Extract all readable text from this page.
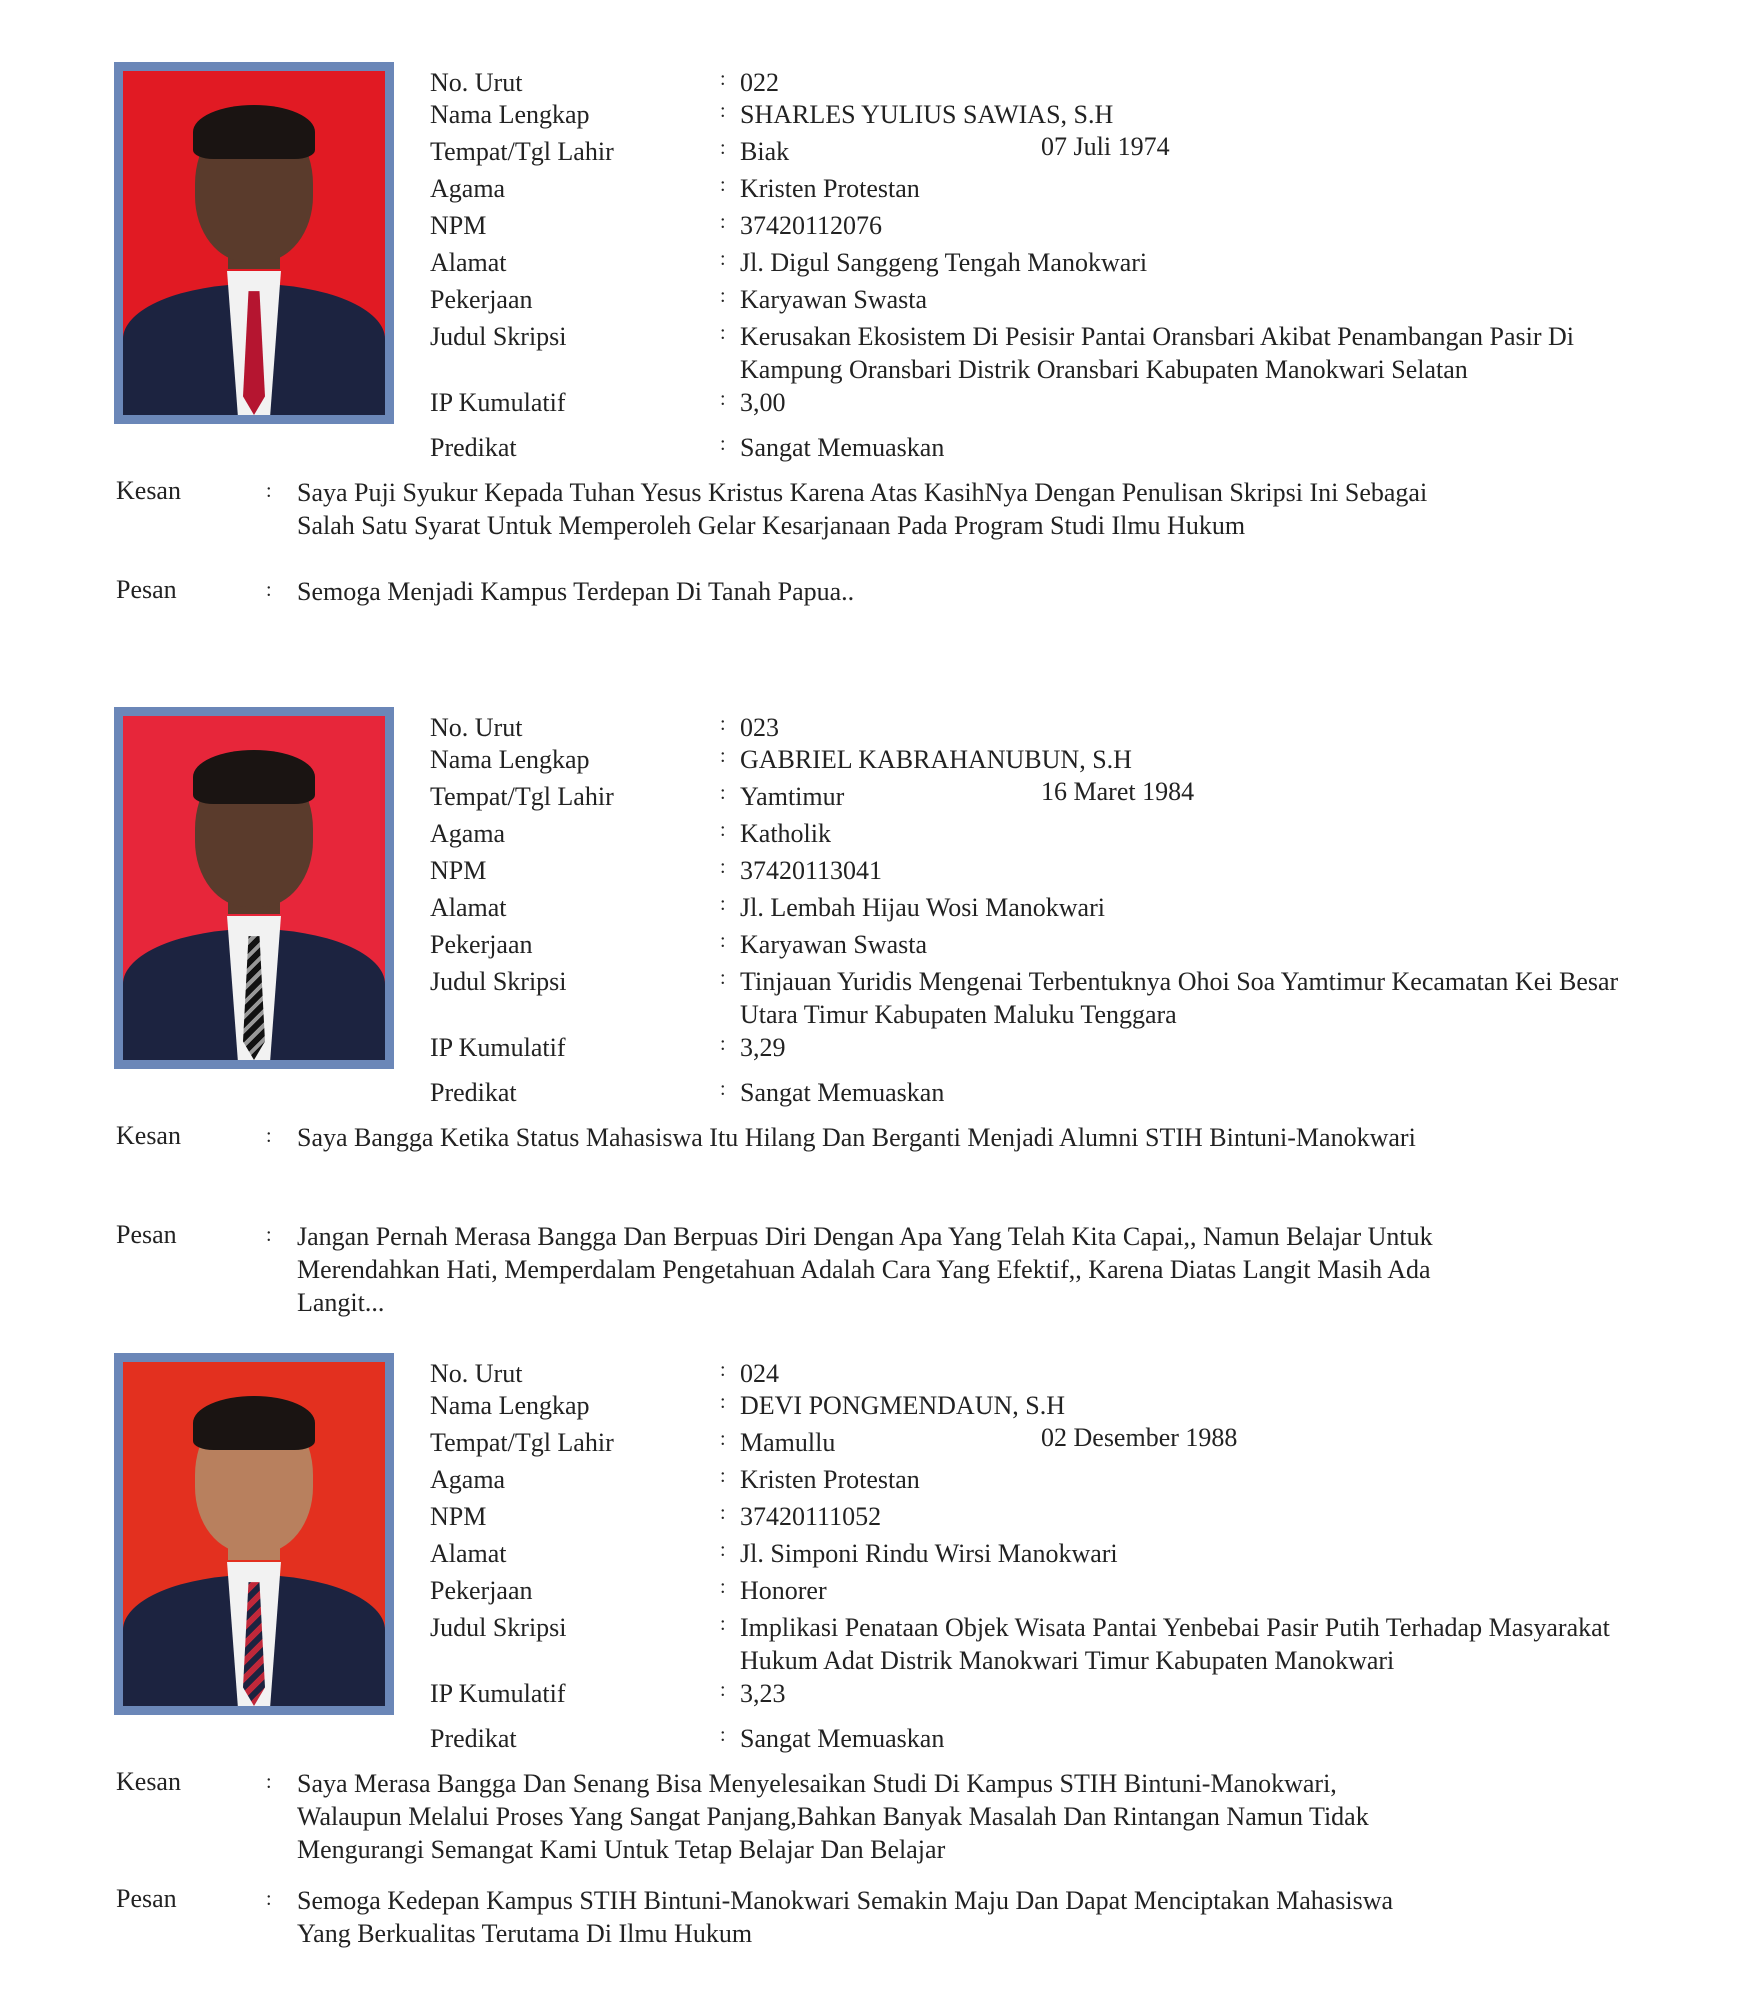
No. Urut	: 022
Nama Lengkap	: SHARLES YULIUS SAWIAS, S.H
Tempat/Tgl Lahir	: Biak	07 Juli 1974
Agama	: Kristen Protestan
NPM	: 37420112076
Alamat	: Jl. Digul Sanggeng Tengah Manokwari
Pekerjaan	: Karyawan Swasta
Judul Skripsi	: Kerusakan Ekosistem Di Pesisir Pantai Oransbari Akibat Penambangan Pasir Di
Kampung Oransbari Distrik Oransbari Kabupaten Manokwari Selatan
IP Kumulatif	: 3,00
Predikat	: Sangat Memuaskan
Kesan	: Saya Puji Syukur Kepada Tuhan Yesus Kristus Karena Atas KasihNya Dengan Penulisan Skripsi Ini Sebagai
Salah Satu Syarat Untuk Memperoleh Gelar Kesarjanaan Pada Program Studi Ilmu Hukum
Pesan	: Semoga Menjadi Kampus Terdepan Di Tanah Papua..
No. Urut	: 023
Nama Lengkap	: GABRIEL KABRAHANUBUN, S.H
Tempat/Tgl Lahir	: Yamtimur	16 Maret 1984
Agama	: Katholik
NPM	: 37420113041
Alamat	: Jl. Lembah Hijau Wosi Manokwari
Pekerjaan	: Karyawan Swasta
Judul Skripsi	: Tinjauan Yuridis Mengenai Terbentuknya Ohoi Soa Yamtimur Kecamatan Kei Besar
Utara Timur Kabupaten Maluku Tenggara
IP Kumulatif	: 3,29
Predikat	: Sangat Memuaskan
Kesan	: Saya Bangga Ketika Status Mahasiswa Itu Hilang Dan Berganti Menjadi Alumni STIH Bintuni-Manokwari
Pesan	: Jangan Pernah Merasa Bangga Dan Berpuas Diri Dengan Apa Yang Telah Kita Capai,, Namun Belajar Untuk
Merendahkan Hati, Memperdalam Pengetahuan Adalah Cara Yang Efektif,, Karena Diatas Langit Masih Ada
Langit...
No. Urut	: 024
Nama Lengkap	: DEVI PONGMENDAUN, S.H
Tempat/Tgl Lahir	: Mamullu	02 Desember 1988
Agama	: Kristen Protestan
NPM	: 37420111052
Alamat	: Jl. Simponi Rindu Wirsi Manokwari
Pekerjaan	: Honorer
Judul Skripsi	: Implikasi Penataan Objek Wisata Pantai Yenbebai Pasir Putih Terhadap Masyarakat
Hukum Adat Distrik Manokwari Timur Kabupaten Manokwari
IP Kumulatif	: 3,23
Predikat	: Sangat Memuaskan
Kesan	: Saya Merasa Bangga Dan Senang Bisa Menyelesaikan Studi Di Kampus STIH Bintuni-Manokwari,
Walaupun Melalui Proses Yang Sangat Panjang,Bahkan Banyak Masalah Dan Rintangan Namun Tidak
Mengurangi Semangat Kami Untuk Tetap Belajar Dan Belajar
Pesan	: Semoga Kedepan Kampus STIH Bintuni-Manokwari Semakin Maju Dan Dapat Menciptakan Mahasiswa
Yang Berkualitas Terutama Di Ilmu Hukum
